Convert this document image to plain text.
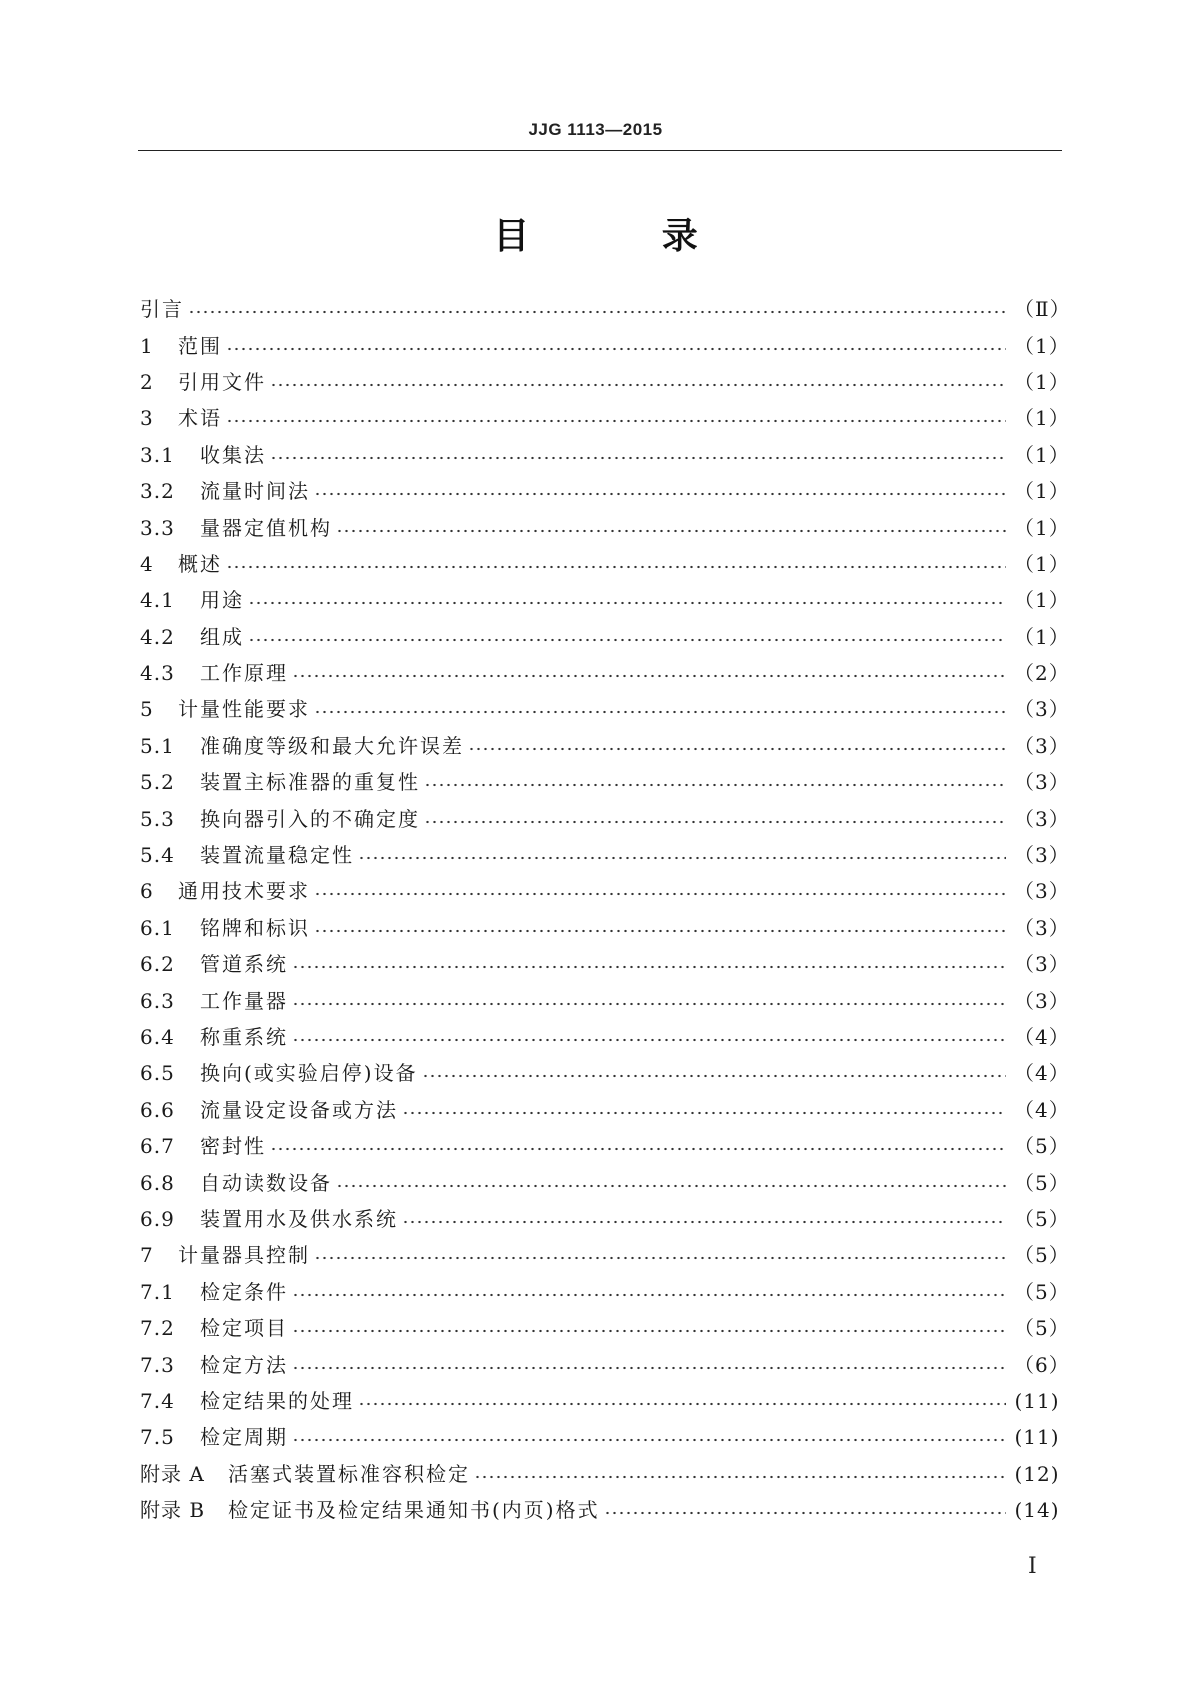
JJG 1113—2015
目 录
引言	（Ⅱ）
1	范围	（1）
2	引用文件	（1）
3	术语	（1）
3.1	收集法	（1）
3.2	流量时间法	（1）
3.3	量器定值机构	（1）
4	概述	（1）
4.1	用途	（1）
4.2	组成	（1）
4.3	工作原理	（2）
5	计量性能要求	（3）
5.1	准确度等级和最大允许误差	（3）
5.2	装置主标准器的重复性	（3）
5.3	换向器引入的不确定度	（3）
5.4	装置流量稳定性	（3）
6	通用技术要求	（3）
6.1	铭牌和标识	（3）
6.2	管道系统	（3）
6.3	工作量器	（3）
6.4	称重系统	（4）
6.5	换向(或实验启停)设备	（4）
6.6	流量设定设备或方法	（4）
6.7	密封性	（5）
6.8	自动读数设备	（5）
6.9	装置用水及供水系统	（5）
7	计量器具控制	（5）
7.1	检定条件	（5）
7.2	检定项目	（5）
7.3	检定方法	（6）
7.4	检定结果的处理	(11)
7.5	检定周期	(11)
附录 A	活塞式装置标准容积检定	(12)
附录 B	检定证书及检定结果通知书(内页)格式	(14)
I
